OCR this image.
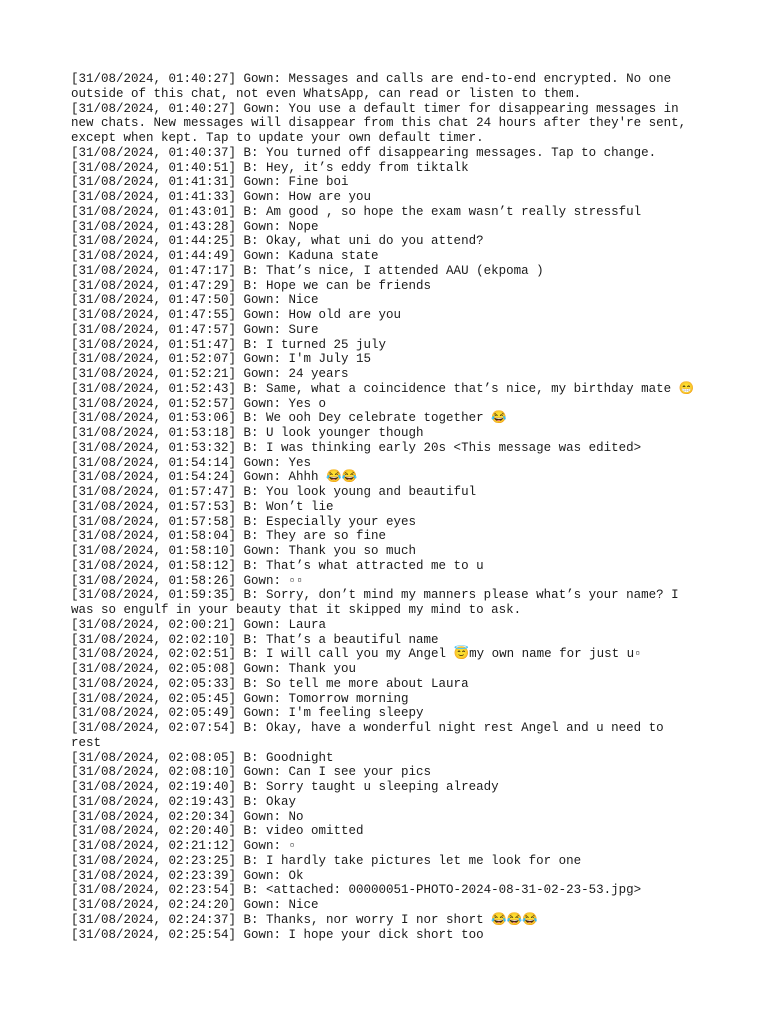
[31/08/2024, 01:40:27] Gown: Messages and calls are end-to-end encrypted. No one outside of this chat, not even WhatsApp, can read or listen to them.
[31/08/2024, 01:40:27] Gown: You use a default timer for disappearing messages in new chats. New messages will disappear from this chat 24 hours after they're sent, except when kept. Tap to update your own default timer.
[31/08/2024, 01:40:37] B: You turned off disappearing messages. Tap to change.
[31/08/2024, 01:40:51] B: Hey, it’s eddy from tiktalk
[31/08/2024, 01:41:31] Gown: Fine boi
[31/08/2024, 01:41:33] Gown: How are you
[31/08/2024, 01:43:01] B: Am good , so hope the exam wasn’t really stressful
[31/08/2024, 01:43:28] Gown: Nope
[31/08/2024, 01:44:25] B: Okay, what uni do you attend?
[31/08/2024, 01:44:49] Gown: Kaduna state
[31/08/2024, 01:47:17] B: That’s nice, I attended AAU (ekpoma )
[31/08/2024, 01:47:29] B: Hope we can be friends
[31/08/2024, 01:47:50] Gown: Nice
[31/08/2024, 01:47:55] Gown: How old are you
[31/08/2024, 01:47:57] Gown: Sure
[31/08/2024, 01:51:47] B: I turned 25 july
[31/08/2024, 01:52:07] Gown: I'm July 15
[31/08/2024, 01:52:21] Gown: 24 years
[31/08/2024, 01:52:43] B: Same, what a coincidence that’s nice, my birthday mate 😁
[31/08/2024, 01:52:57] Gown: Yes o
[31/08/2024, 01:53:06] B: We ooh Dey celebrate together 😂
[31/08/2024, 01:53:18] B: U look younger though
[31/08/2024, 01:53:32] B: I was thinking early 20s <This message was edited>
[31/08/2024, 01:54:14] Gown: Yes
[31/08/2024, 01:54:24] Gown: Ahhh 😂😂
[31/08/2024, 01:57:47] B: You look young and beautiful
[31/08/2024, 01:57:53] B: Won’t lie
[31/08/2024, 01:57:58] B: Especially your eyes
[31/08/2024, 01:58:04] B: They are so fine
[31/08/2024, 01:58:10] Gown: Thank you so much
[31/08/2024, 01:58:12] B: That’s what attracted me to u
[31/08/2024, 01:58:26] Gown: ▫▫
[31/08/2024, 01:59:35] B: Sorry, don’t mind my manners please what’s your name? I was so engulf in your beauty that it skipped my mind to ask.
[31/08/2024, 02:00:21] Gown: Laura
[31/08/2024, 02:02:10] B: That’s a beautiful name
[31/08/2024, 02:02:51] B: I will call you my Angel 😇my own name for just u▫
[31/08/2024, 02:05:08] Gown: Thank you
[31/08/2024, 02:05:33] B: So tell me more about Laura
[31/08/2024, 02:05:45] Gown: Tomorrow morning
[31/08/2024, 02:05:49] Gown: I'm feeling sleepy
[31/08/2024, 02:07:54] B: Okay, have a wonderful night rest Angel and u need to rest
[31/08/2024, 02:08:05] B: Goodnight
[31/08/2024, 02:08:10] Gown: Can I see your pics
[31/08/2024, 02:19:40] B: Sorry taught u sleeping already
[31/08/2024, 02:19:43] B: Okay
[31/08/2024, 02:20:34] Gown: No
[31/08/2024, 02:20:40] B: video omitted
[31/08/2024, 02:21:12] Gown: ▫
[31/08/2024, 02:23:25] B: I hardly take pictures let me look for one
[31/08/2024, 02:23:39] Gown: Ok
[31/08/2024, 02:23:54] B: <attached: 00000051-PHOTO-2024-08-31-02-23-53.jpg>
[31/08/2024, 02:24:20] Gown: Nice
[31/08/2024, 02:24:37] B: Thanks, nor worry I nor short 😂😂😂
[31/08/2024, 02:25:54] Gown: I hope your dick short too
